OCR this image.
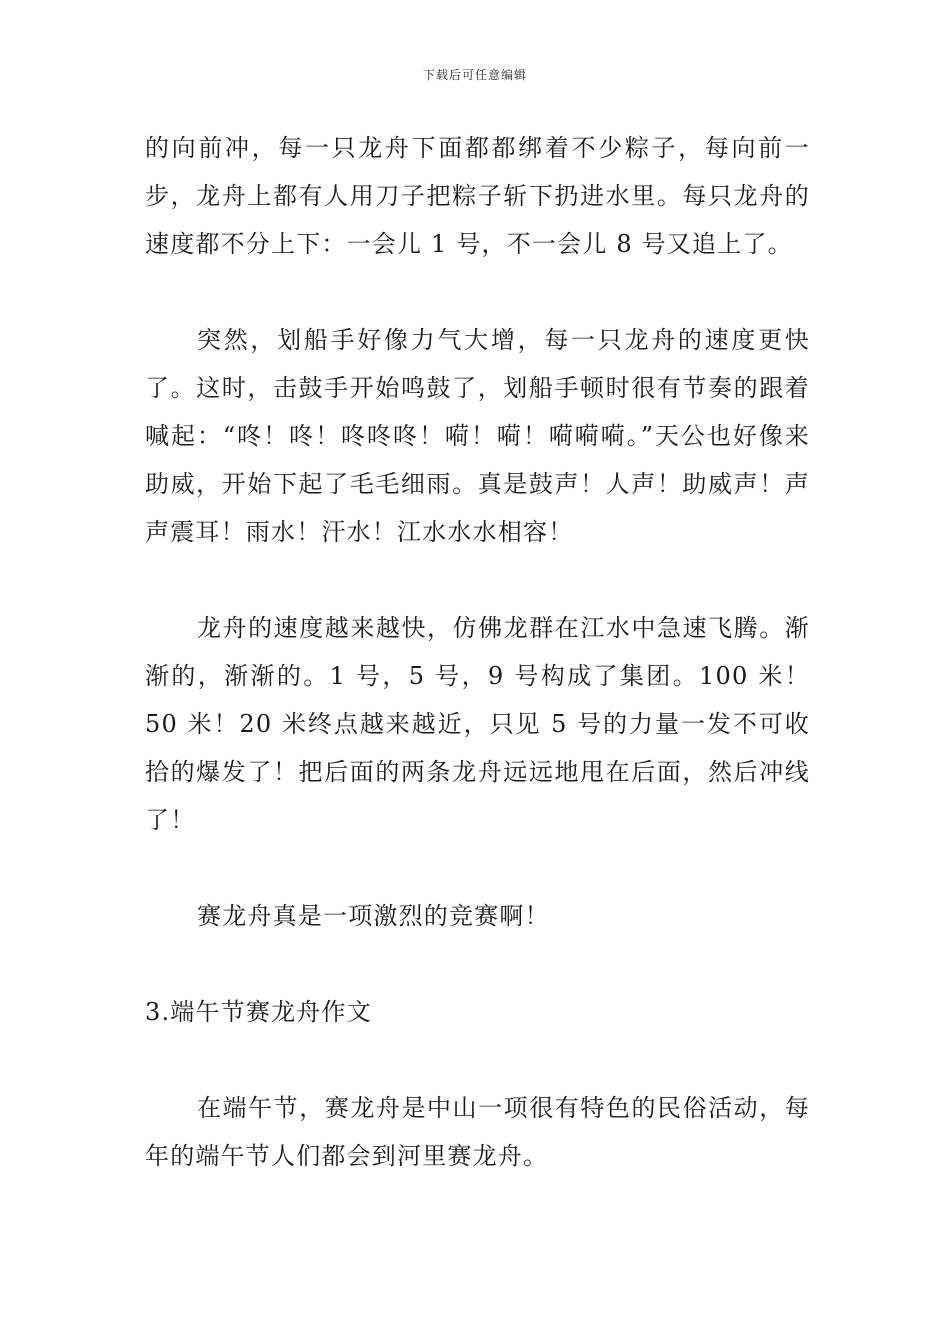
下载后可任意编辑

的向前冲，每一只龙舟下面都都绑着不少粽子，每向前一步，龙舟上都有人用刀子把粽子斩下扔进水里。每只龙舟的速度都不分上下：一会儿 1 号，不一会儿 8 号又追上了。

突然，划船手好像力气大增，每一只龙舟的速度更快了。这时，击鼓手开始鸣鼓了，划船手顿时很有节奏的跟着喊起：“咚！咚！咚咚咚！嗬！嗬！嗬嗬嗬。”天公也好像来助威，开始下起了毛毛细雨。真是鼓声！人声！助威声！声声震耳！雨水！汗水！江水水水相容！

龙舟的速度越来越快，仿佛龙群在江水中急速飞腾。渐渐的，渐渐的。1 号，5 号，9 号构成了集团。100 米！50 米！20 米终点越来越近，只见 5 号的力量一发不可收拾的爆发了！把后面的两条龙舟远远地甩在后面，然后冲线了！

赛龙舟真是一项激烈的竞赛啊！

3.端午节赛龙舟作文

在端午节，赛龙舟是中山一项很有特色的民俗活动，每年的端午节人们都会到河里赛龙舟。
